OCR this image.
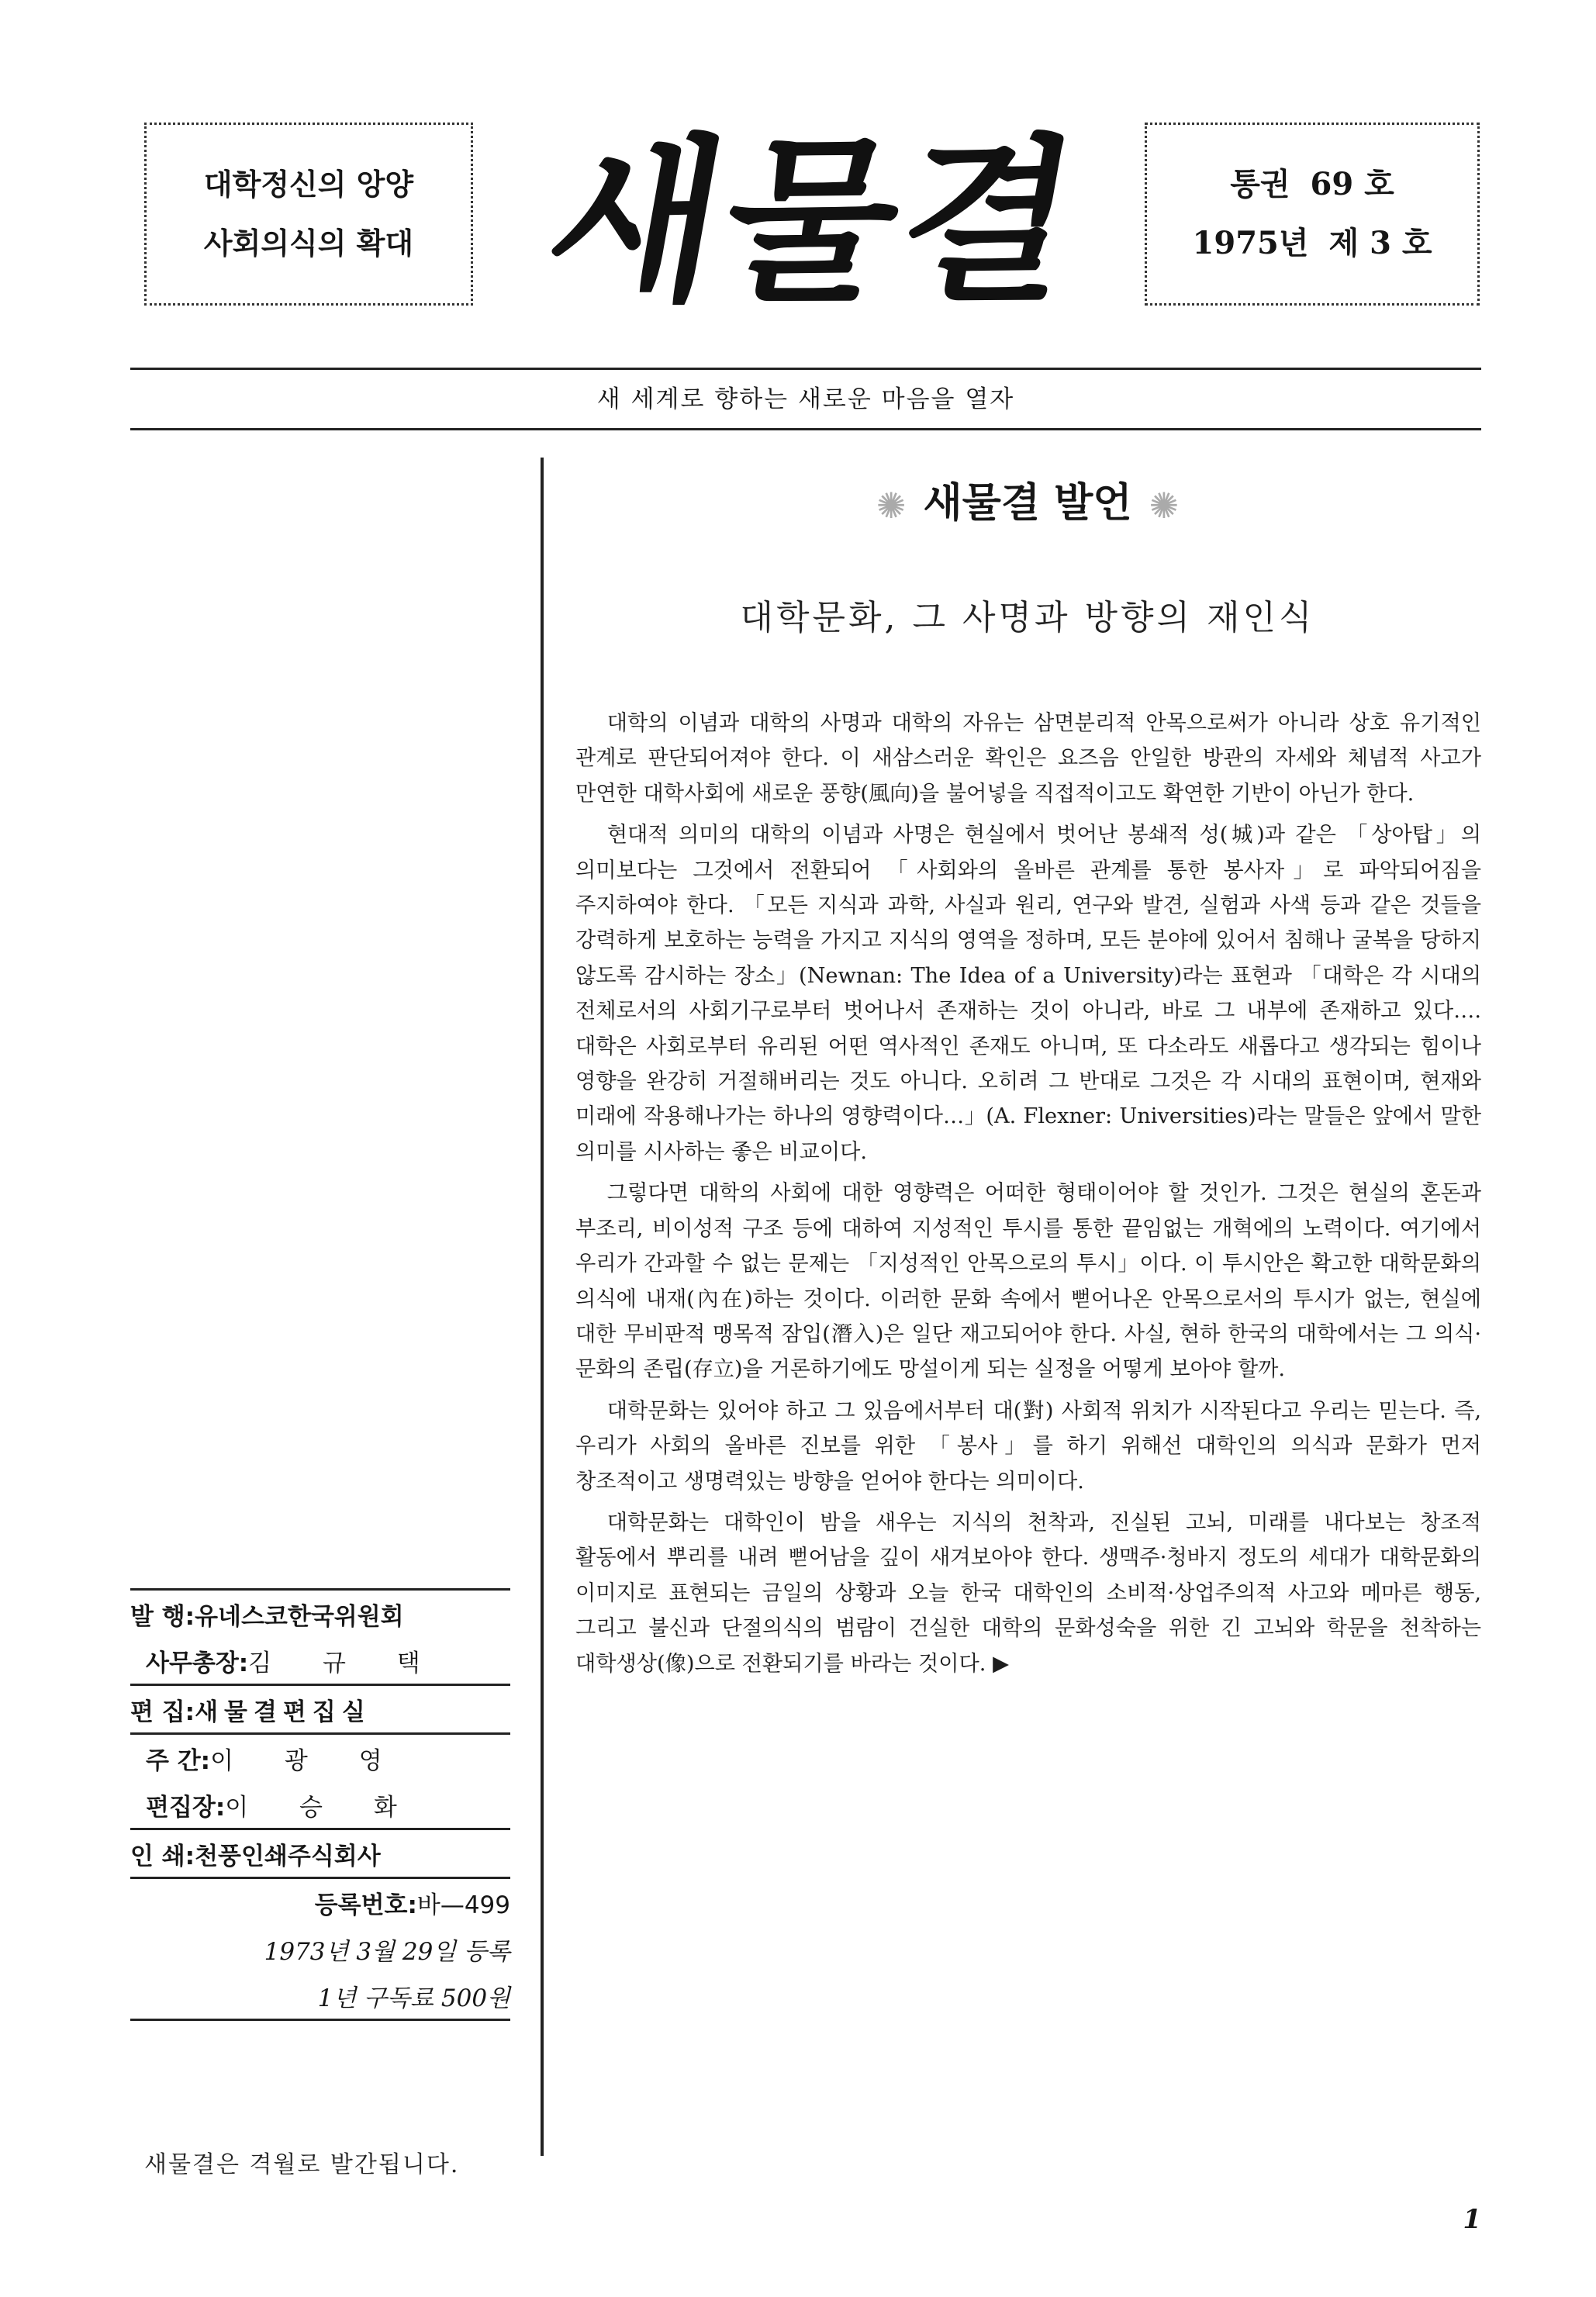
대학정신의 앙양
사회의식의 확대 새물결	통권 69 호
1975년 제 3 호
새 세계로 향하는 새로운 마음을 열자
✺ 새물결 발언 ✺
대학문화, 그 사명과 방향의 재인식

대학의 이념과 대학의 사명과 대학의 자유는 삼면분리적 안목으로써가 아니라 상호 유기적인 관계로 판단되어져야 한다. 이 새삼스러운 확인은 요즈음 안일한 방관의 자세와 체념적 사고가 만연한 대학사회에 새로운 풍향(風向)을 불어넣을 직접적이고도 확연한 기반이 아닌가 한다.

현대적 의미의 대학의 이념과 사명은 현실에서 벗어난 봉쇄적 성(城)과 같은 「상아탑」의 의미보다는 그것에서 전환되어 「사회와의 올바른 관계를 통한 봉사자」로 파악되어짐을 주지하여야 한다. 「모든 지식과 과학, 사실과 원리, 연구와 발견, 실험과 사색 등과 같은 것들을 강력하게 보호하는 능력을 가지고 지식의 영역을 정하며, 모든 분야에 있어서 침해나 굴복을 당하지 않도록 감시하는 장소」(Newnan: The Idea of a University)라는 표현과 「대학은 각 시대의 전체로서의 사회기구로부터 벗어나서 존재하는 것이 아니라, 바로 그 내부에 존재하고 있다…. 대학은 사회로부터 유리된 어떤 역사적인 존재도 아니며, 또 다소라도 새롭다고 생각되는 힘이나 영향을 완강히 거절해버리는 것도 아니다. 오히려 그 반대로 그것은 각 시대의 표현이며, 현재와 미래에 작용해나가는 하나의 영향력이다…」(A. Flexner: Universities)라는 말들은 앞에서 말한 의미를 시사하는 좋은 비교이다.

그렇다면 대학의 사회에 대한 영향력은 어떠한 형태이어야 할 것인가. 그것은 현실의 혼돈과 부조리, 비이성적 구조 등에 대하여 지성적인 투시를 통한 끝임없는 개혁에의 노력이다. 여기에서 우리가 간과할 수 없는 문제는 「지성적인 안목으로의 투시」이다. 이 투시안은 확고한 대학문화의 의식에 내재(內在)하는 것이다. 이러한 문화 속에서 뻗어나온 안목으로서의 투시가 없는, 현실에 대한 무비판적 맹목적 잠입(潛入)은 일단 재고되어야 한다. 사실, 현하 한국의 대학에서는 그 의식·문화의 존립(存立)을 거론하기에도 망설이게 되는 실정을 어떻게 보아야 할까.

대학문화는 있어야 하고 그 있음에서부터 대(對) 사회적 위치가 시작된다고 우리는 믿는다. 즉, 우리가 사회의 올바른 진보를 위한 「봉사」를 하기 위해선 대학인의 의식과 문화가 먼저 창조적이고 생명력있는 방향을 얻어야 한다는 의미이다.

대학문화는 대학인이 밤을 새우는 지식의 천착과, 진실된 고뇌, 미래를 내다보는 창조적 활동에서 뿌리를 내려 뻗어남을 깊이 새겨보아야 한다. 생맥주·청바지 정도의 세대가 대학문화의 이미지로 표현되는 금일의 상황과 오늘 한국 대학인의 소비적·상업주의적 사고와 메마른 행동, 그리고 불신과 단절의식의 범람이 건실한 대학의 문화성숙을 위한 긴 고뇌와 학문을 천착하는 대학생상(像)으로 전환되기를 바라는 것이다. ▶

발 행: 유네스코한국위원회
사무총장: 김 규 택
편 집: 새물결편집실
주 간: 이 광 영
편집장: 이 승 화
인 쇄: 천풍인쇄주식회사
등록번호: 바—499
1973년 3월 29일 등록
1년 구독료 500원
새물결은 격월로 발간됩니다.
1
